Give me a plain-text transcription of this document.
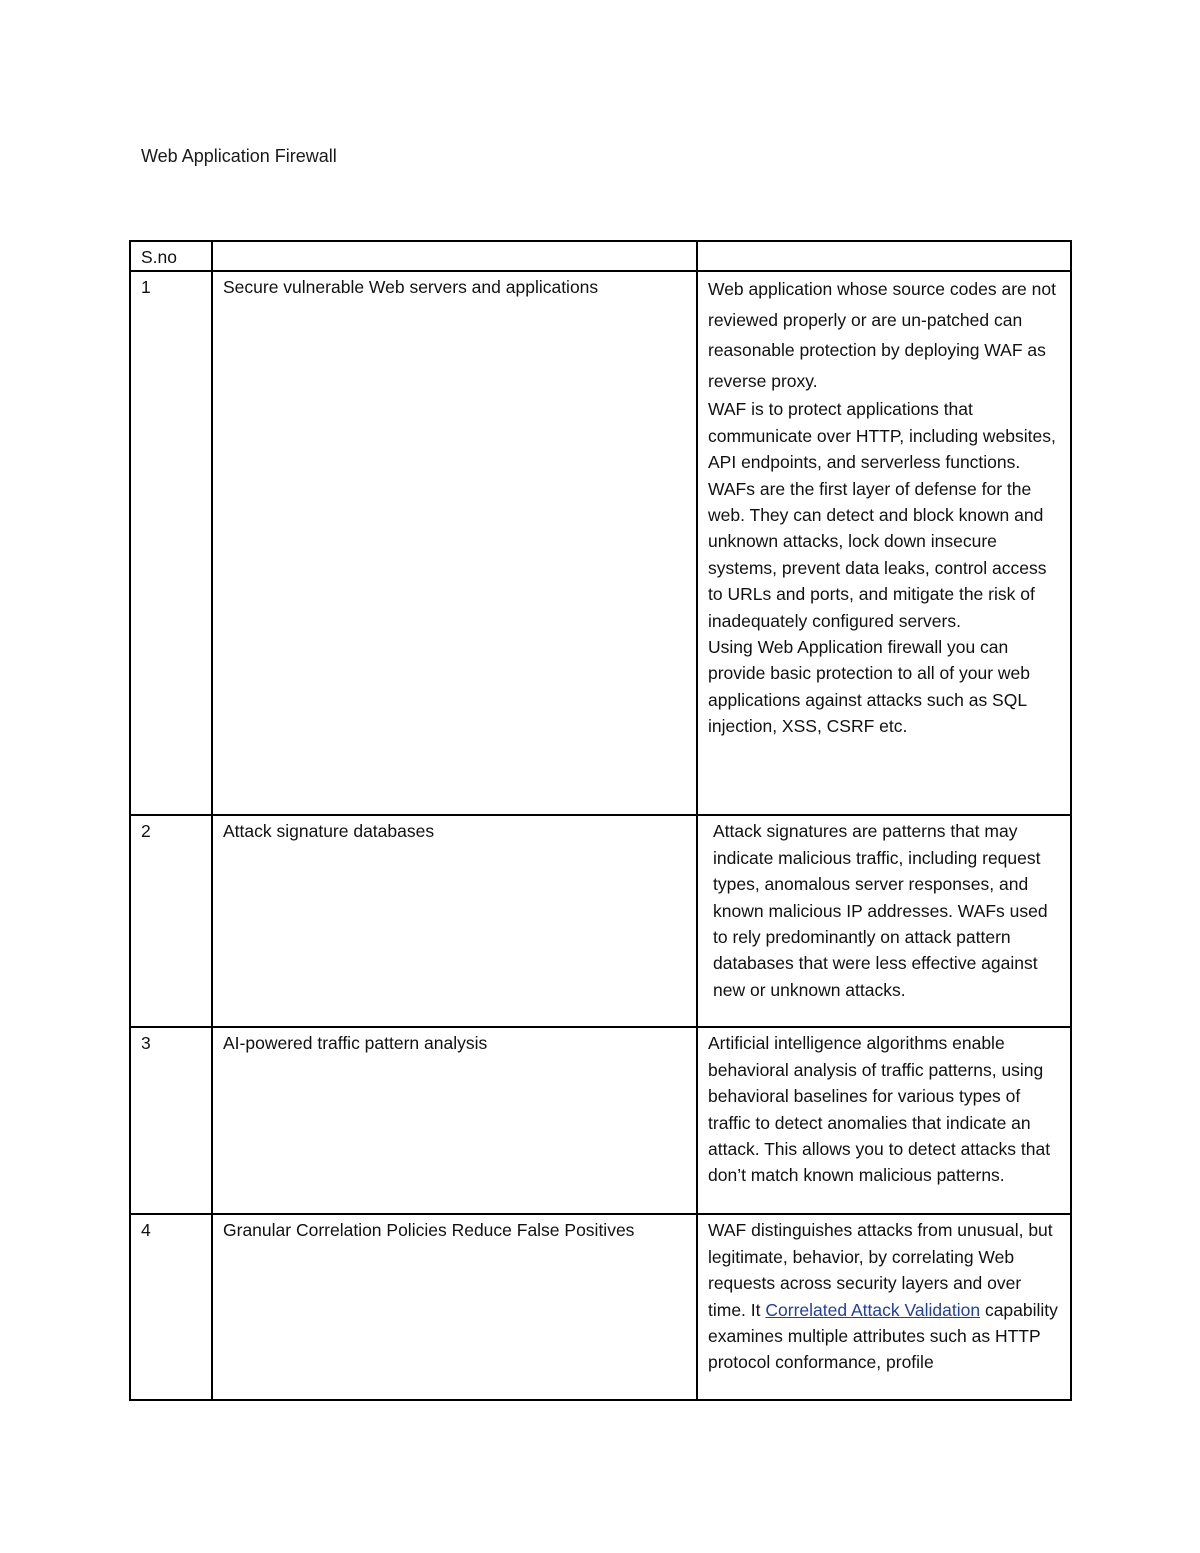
Web Application Firewall
S.no		
1	Secure vulnerable Web servers and applications	Web application whose source codes are not reviewed properly or are un-patched can reasonable protection by deploying WAF as reverse proxy.

WAF is to protect applications that communicate over HTTP, including websites, API endpoints, and serverless functions.

WAFs are the first layer of defense for the web. They can detect and block known and unknown attacks, lock down insecure systems, prevent data leaks, control access to URLs and ports, and mitigate the risk of inadequately configured servers.

Using Web Application firewall you can provide basic protection to all of your web applications against attacks such as SQL injection, XSS, CSRF etc.

2	Attack signature databases	Attack signatures are patterns that may indicate malicious traffic, including request types, anomalous server responses, and known malicious IP addresses. WAFs used to rely predominantly on attack pattern databases that were less effective against new or unknown attacks.

3	AI-powered traffic pattern analysis	Artificial intelligence algorithms enable behavioral analysis of traffic patterns, using behavioral baselines for various types of traffic to detect anomalies that indicate an attack. This allows you to detect attacks that don’t match known malicious patterns.

4	Granular Correlation Policies Reduce False Positives	WAF distinguishes attacks from unusual, but legitimate, behavior, by correlating Web requests across security layers and over time. It Correlated Attack Validation capability examines multiple attributes such as HTTP protocol conformance, profile
